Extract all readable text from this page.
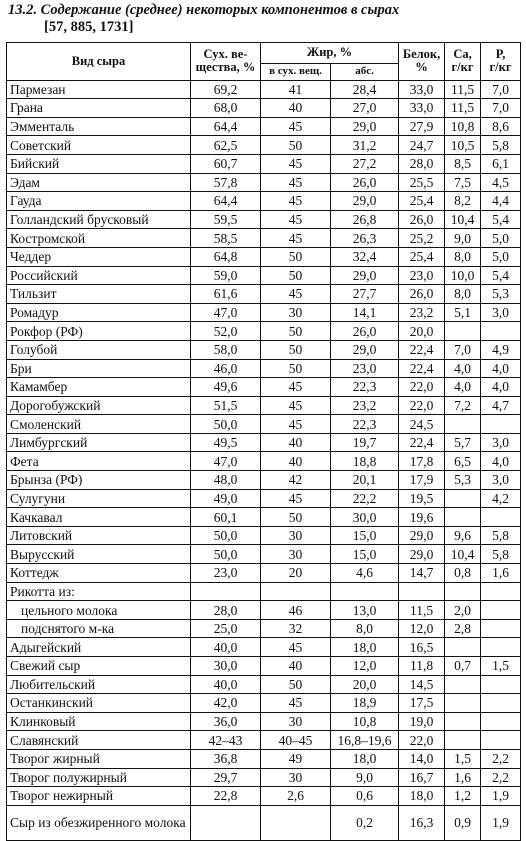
13.2. Содержание (среднее) некоторых компонентов в сырах
[57, 885, 1731]
Вид сыра	Сух. ве-
щества, %	Жир, %		Белок,
%	Ca,
г/кг	P,
г/кг
		в сух. вещ.	абс.			
Пармезан	69,2	41	28,4	33,0	11,5	7,0
Грана	68,0	40	27,0	33,0	11,5	7,0
Эмменталь	64,4	45	29,0	27,9	10,8	8,6
Советский	62,5	50	31,2	24,7	10,5	5,8
Бийский	60,7	45	27,2	28,0	8,5	6,1
Эдам	57,8	45	26,0	25,5	7,5	4,5
Гауда	64,4	45	29,0	25,4	8,2	4,4
Голландский брусковый	59,5	45	26,8	26,0	10,4	5,4
Костромской	58,5	45	26,3	25,2	9,0	5,0
Чеддер	64,8	50	32,4	25,4	8,0	5,0
Российский	59,0	50	29,0	23,0	10,0	5,4
Тильзит	61,6	45	27,7	26,0	8,0	5,3
Ромадур	47,0	30	14,1	23,2	5,1	3,0
Рокфор (РФ)	52,0	50	26,0	20,0		
Голубой	58,0	50	29,0	22,4	7,0	4,9
Бри	46,0	50	23,0	22,4	4,0	4,0
Камамбер	49,6	45	22,3	22,0	4,0	4,0
Дорогобужский	51,5	45	23,2	22,0	7,2	4,7
Смоленский	50,0	45	22,3	24,5		
Лимбургский	49,5	40	19,7	22,4	5,7	3,0
Фета	47,0	40	18,8	17,8	6,5	4,0
Брынза (РФ)	48,0	42	20,1	17,9	5,3	3,0
Сулугуни	49,0	45	22,2	19,5		4,2
Качкавал	60,1	50	30,0	19,6		
Литовский	50,0	30	15,0	29,0	9,6	5,8
Вырусский	50,0	30	15,0	29,0	10,4	5,8
Коттедж	23,0	20	4,6	14,7	0,8	1,6
Рикотта из:						
цельного молока	28,0	46	13,0	11,5	2,0	
подснятого м-ка	25,0	32	8,0	12,0	2,8	
Адыгейский	40,0	45	18,0	16,5		
Свежий сыр	30,0	40	12,0	11,8	0,7	1,5
Любительский	40,0	50	20,0	14,5		
Останкинский	42,0	45	18,9	17,5		
Клинковый	36,0	30	10,8	19,0		
Славянский	42–43	40–45	16,8–19,6	22,0		
Творог жирный	36,8	49	18,0	14,0	1,5	2,2
Творог полужирный	29,7	30	9,0	16,7	1,6	2,2
Творог нежирный	22,8	2,6	0,6	18,0	1,2	1,9
Сыр из обезжиренного молока			0,2	16,3	0,9	1,9
